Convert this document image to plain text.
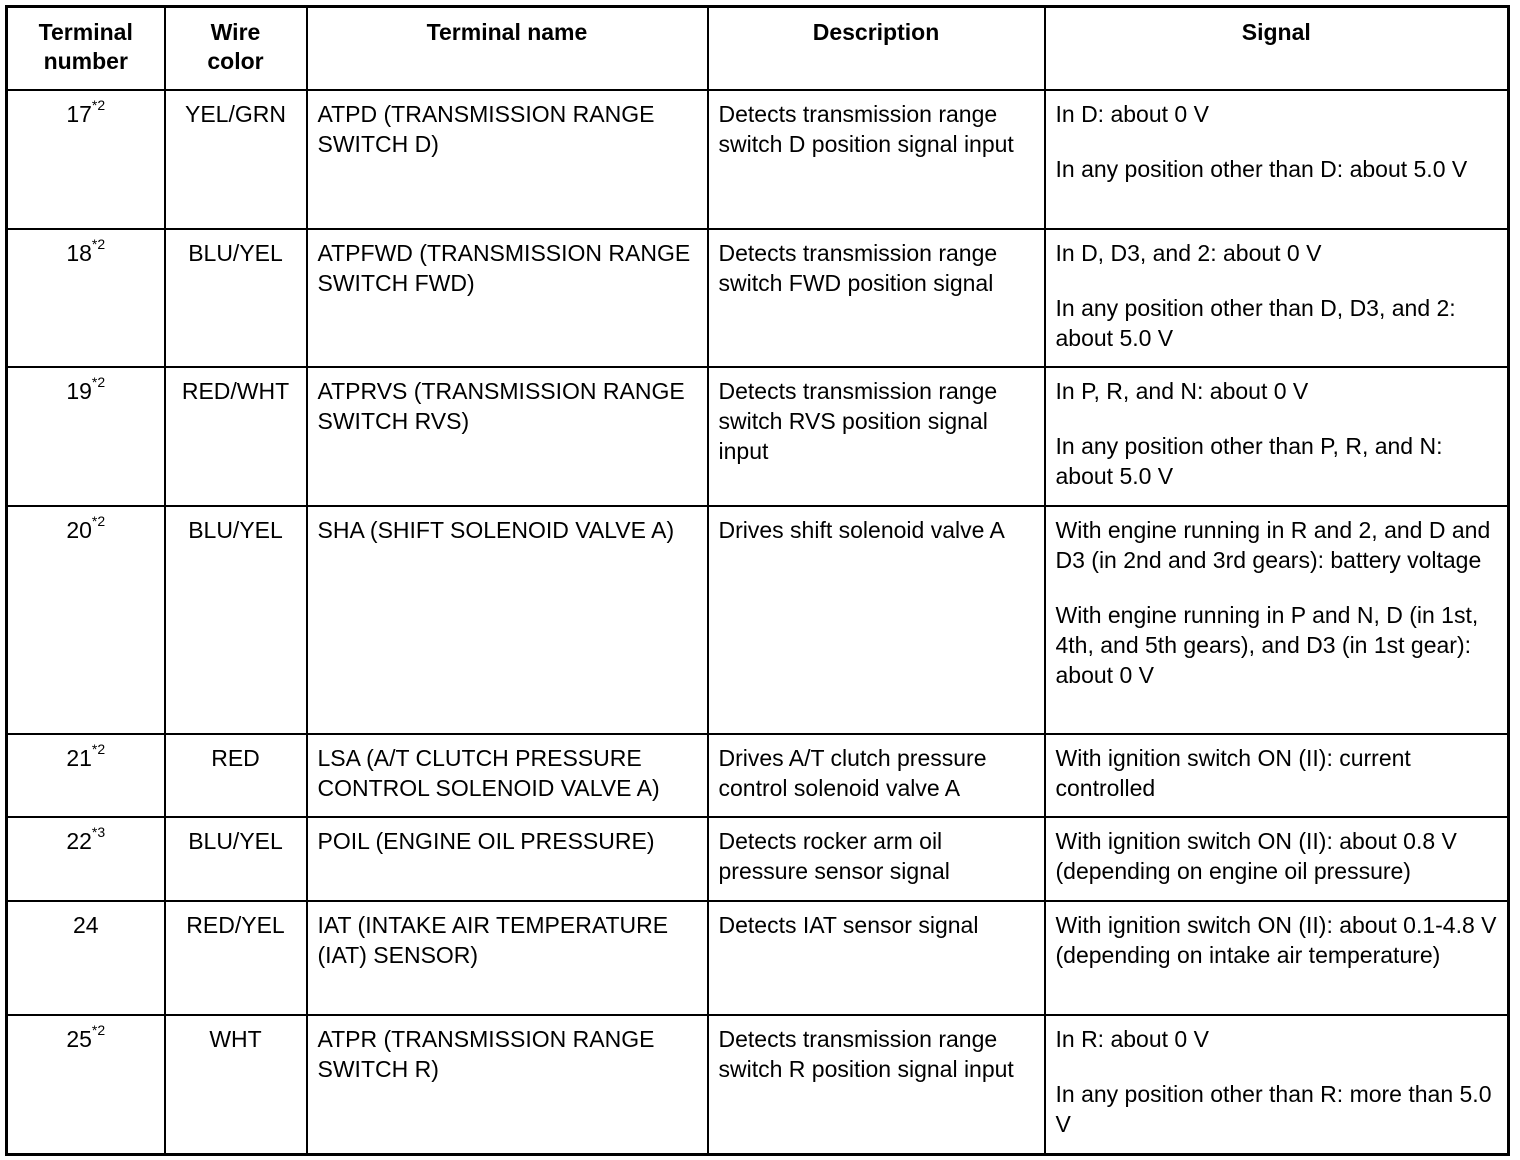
Terminal
number	Wire
color	Terminal name	Description	Signal
17$^{*2}$	YEL/GRN	ATPD (TRANSMISSION RANGE SWITCH D)	Detects transmission range switch D position signal input	In D: about 0 V

In any position other than D: about 5.0 V

18$^{*2}$	BLU/YEL	ATPFWD (TRANSMISSION RANGE SWITCH FWD)	Detects transmission range switch FWD position signal	In D, D3, and 2: about 0 V

In any position other than D, D3, and 2: about 5.0 V

19$^{*2}$	RED/WHT	ATPRVS (TRANSMISSION RANGE SWITCH RVS)	Detects transmission range switch RVS position signal input	In P, R, and N: about 0 V

In any position other than P, R, and N: about 5.0 V

20$^{*2}$	BLU/YEL	SHA (SHIFT SOLENOID VALVE A)	Drives shift solenoid valve A	With engine running in R and 2, and D and D3 (in 2nd and 3rd gears): battery voltage

With engine running in P and N, D (in 1st, 4th, and 5th gears), and D3 (in 1st gear): about 0 V

21$^{*2}$	RED	LSA (A/T CLUTCH PRESSURE CONTROL SOLENOID VALVE A)	Drives A/T clutch pressure control solenoid valve A	With ignition switch ON (II): current controlled

22$^{*3}$	BLU/YEL	POIL (ENGINE OIL PRESSURE)	Detects rocker arm oil pressure sensor signal	With ignition switch ON (II): about 0.8 V (depending on engine oil pressure)

24	RED/YEL	IAT (INTAKE AIR TEMPERATURE (IAT) SENSOR)	Detects IAT sensor signal	With ignition switch ON (II): about 0.1-4.8 V (depending on intake air temperature)

25$^{*2}$	WHT	ATPR (TRANSMISSION RANGE SWITCH R)	Detects transmission range switch R position signal input	In R: about 0 V

In any position other than R: more than 5.0 V
